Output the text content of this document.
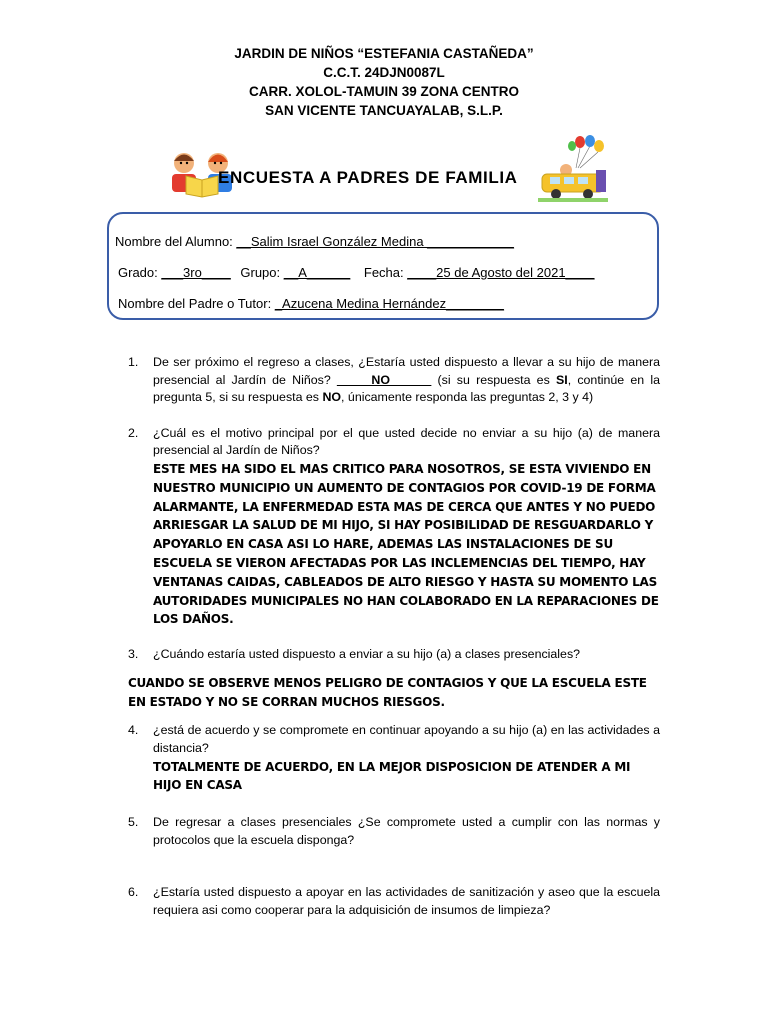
JARDIN DE NIÑOS “ESTEFANIA CASTAÑEDA”
C.C.T. 24DJN0087L
CARR. XOLOL-TAMUIN 39 ZONA CENTRO
SAN VICENTE TANCUAYALAB, S.L.P.
ENCUESTA A PADRES DE FAMILIA
Nombre del Alumno: __Salim Israel González Medina ____________
Grado: ___3ro____ Grupo: __A______ Fecha: ____25 de Agosto del 2021____
Nombre del Padre o Tutor: _Azucena Medina Hernández________
1. De ser próximo el regreso a clases, ¿Estaría usted dispuesto a llevar a su hijo de manera presencial al Jardín de Niños? _____NO______ (si su respuesta es SI, continúe en la pregunta 5, si su respuesta es NO, únicamente responda las preguntas 2, 3 y 4)
2. ¿Cuál es el motivo principal por el que usted decide no enviar a su hijo (a) de manera presencial al Jardín de Niños?
ESTE MES HA SIDO EL MAS CRITICO PARA NOSOTROS, SE ESTA VIVIENDO EN NUESTRO MUNICIPIO UN AUMENTO DE CONTAGIOS POR COVID-19 DE FORMA ALARMANTE, LA ENFERMEDAD ESTA MAS DE CERCA QUE ANTES Y NO PUEDO ARRIESGAR LA SALUD DE MI HIJO, SI HAY POSIBILIDAD DE RESGUARDARLO Y APOYARLO EN CASA ASI LO HARE, ADEMAS LAS INSTALACIONES DE SU ESCUELA SE VIERON AFECTADAS POR LAS INCLEMENCIAS DEL TIEMPO, HAY VENTANAS CAIDAS, CABLEADOS DE ALTO RIESGO Y HASTA SU MOMENTO LAS AUTORIDADES MUNICIPALES NO HAN COLABORADO EN LA REPARACIONES DE LOS DAÑOS.
3. ¿Cuándo estaría usted dispuesto a enviar a su hijo (a) a clases presenciales?
CUANDO SE OBSERVE MENOS PELIGRO DE CONTAGIOS Y QUE LA ESCUELA ESTE EN ESTADO Y NO SE CORRAN MUCHOS RIESGOS.
4. ¿está de acuerdo y se compromete en continuar apoyando a su hijo (a) en las actividades a distancia?
TOTALMENTE DE ACUERDO, EN LA MEJOR DISPOSICION DE ATENDER A MI HIJO EN CASA
5. De regresar a clases presenciales ¿Se compromete usted a cumplir con las normas y protocolos que la escuela disponga?
6. ¿Estaría usted dispuesto a apoyar en las actividades de sanitización y aseo que la escuela requiera asi como cooperar para la adquisición de insumos de limpieza?
